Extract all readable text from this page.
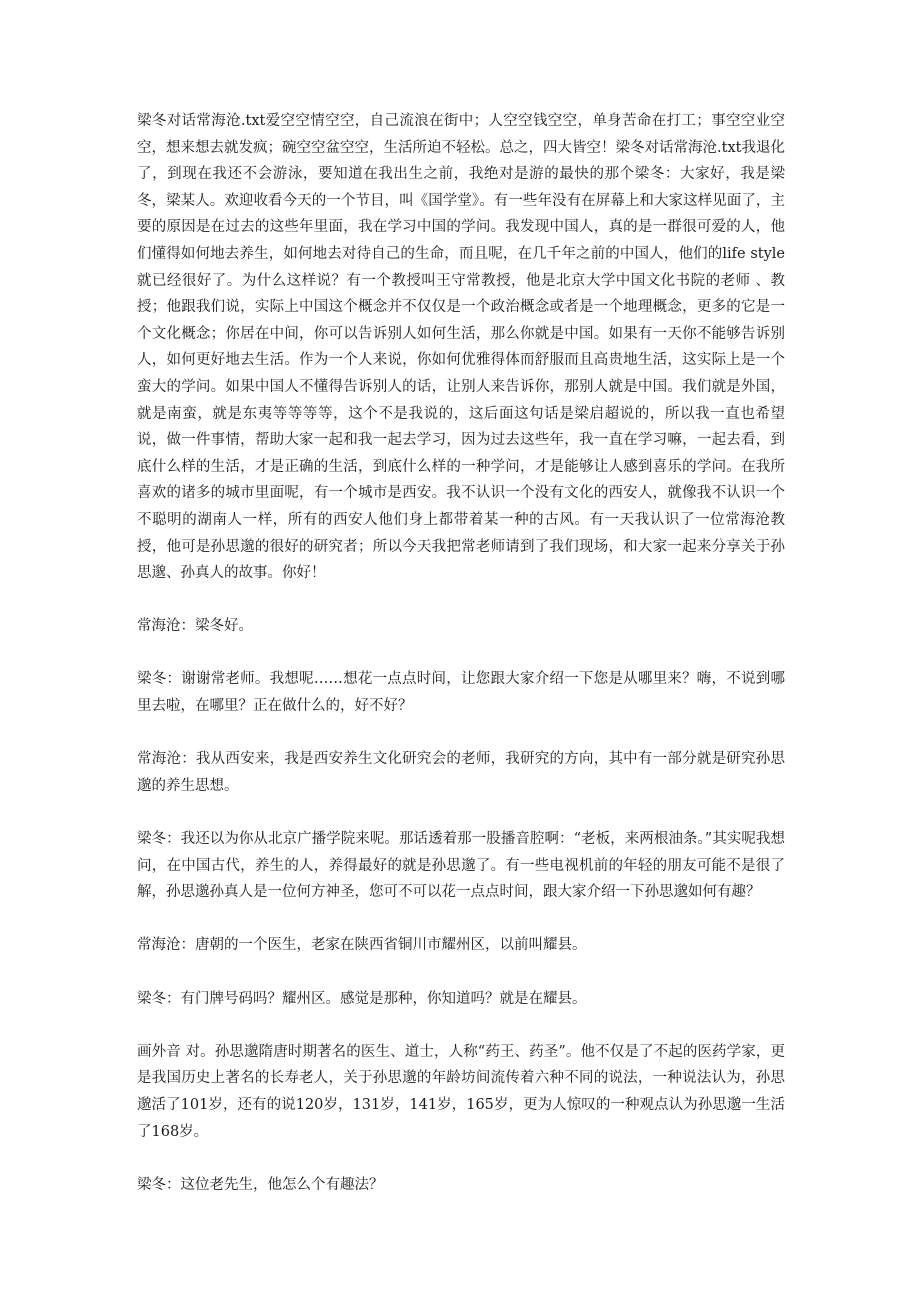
梁冬对话常海沧.txt爱空空情空空，自己流浪在街中；人空空钱空空，单身苦命在打工；事空空业空空，想来想去就发疯；碗空空盆空空，生活所迫不轻松。总之，四大皆空！梁冬对话常海沧.txt我退化了，到现在我还不会游泳，要知道在我出生之前，我绝对是游的最快的那个梁冬：大家好，我是梁冬，梁某人。欢迎收看今天的一个节目，叫《国学堂》。有一些年没有在屏幕上和大家这样见面了，主要的原因是在过去的这些年里面，我在学习中国的学问。我发现中国人，真的是一群很可爱的人，他们懂得如何地去养生，如何地去对待自己的生命，而且呢，在几千年之前的中国人，他们的life style就已经很好了。为什么这样说？有一个教授叫王守常教授，他是北京大学中国文化书院的老师 、教授；他跟我们说，实际上中国这个概念并不仅仅是一个政治概念或者是一个地理概念，更多的它是一个文化概念；你居在中间，你可以告诉别人如何生活，那么你就是中国。如果有一天你不能够告诉别人，如何更好地去生活。作为一个人来说，你如何优雅得体而舒服而且高贵地生活，这实际上是一个蛮大的学问。如果中国人不懂得告诉别人的话，让别人来告诉你，那别人就是中国。我们就是外国，就是南蛮，就是东夷等等等等，这个不是我说的，这后面这句话是梁启超说的，所以我一直也希望说，做一件事情，帮助大家一起和我一起去学习，因为过去这些年，我一直在学习嘛，一起去看，到底什么样的生活，才是正确的生活，到底什么样的一种学问，才是能够让人感到喜乐的学问。在我所喜欢的诸多的城市里面呢，有一个城市是西安。我不认识一个没有文化的西安人，就像我不认识一个不聪明的湖南人一样，所有的西安人他们身上都带着某一种的古风。有一天我认识了一位常海沧教授，他可是孙思邈的很好的研究者；所以今天我把常老师请到了我们现场，和大家一起来分享关于孙思邈、孙真人的故事。你好！

常海沧：梁冬好。

梁冬：谢谢常老师。我想呢……想花一点点时间，让您跟大家介绍一下您是从哪里来？嗨，不说到哪里去啦，在哪里？正在做什么的，好不好？

常海沧：我从西安来，我是西安养生文化研究会的老师，我研究的方向，其中有一部分就是研究孙思邈的养生思想。

梁冬：我还以为你从北京广播学院来呢。那话透着那一股播音腔啊：“老板，来两根油条。”其实呢我想问，在中国古代，养生的人，养得最好的就是孙思邈了。有一些电视机前的年轻的朋友可能不是很了解，孙思邈孙真人是一位何方神圣，您可不可以花一点点时间，跟大家介绍一下孙思邈如何有趣？

常海沧：唐朝的一个医生，老家在陕西省铜川市耀州区，以前叫耀县。

梁冬：有门牌号码吗？耀州区。感觉是那种，你知道吗？就是在耀县。

画外音 对。孙思邈隋唐时期著名的医生、道士，人称“药王、药圣”。他不仅是了不起的医药学家，更是我国历史上著名的长寿老人，关于孙思邈的年龄坊间流传着六种不同的说法，一种说法认为，孙思邈活了101岁，还有的说120岁，131岁，141岁，165岁，更为人惊叹的一种观点认为孙思邈一生活了168岁。

梁冬：这位老先生，他怎么个有趣法？
